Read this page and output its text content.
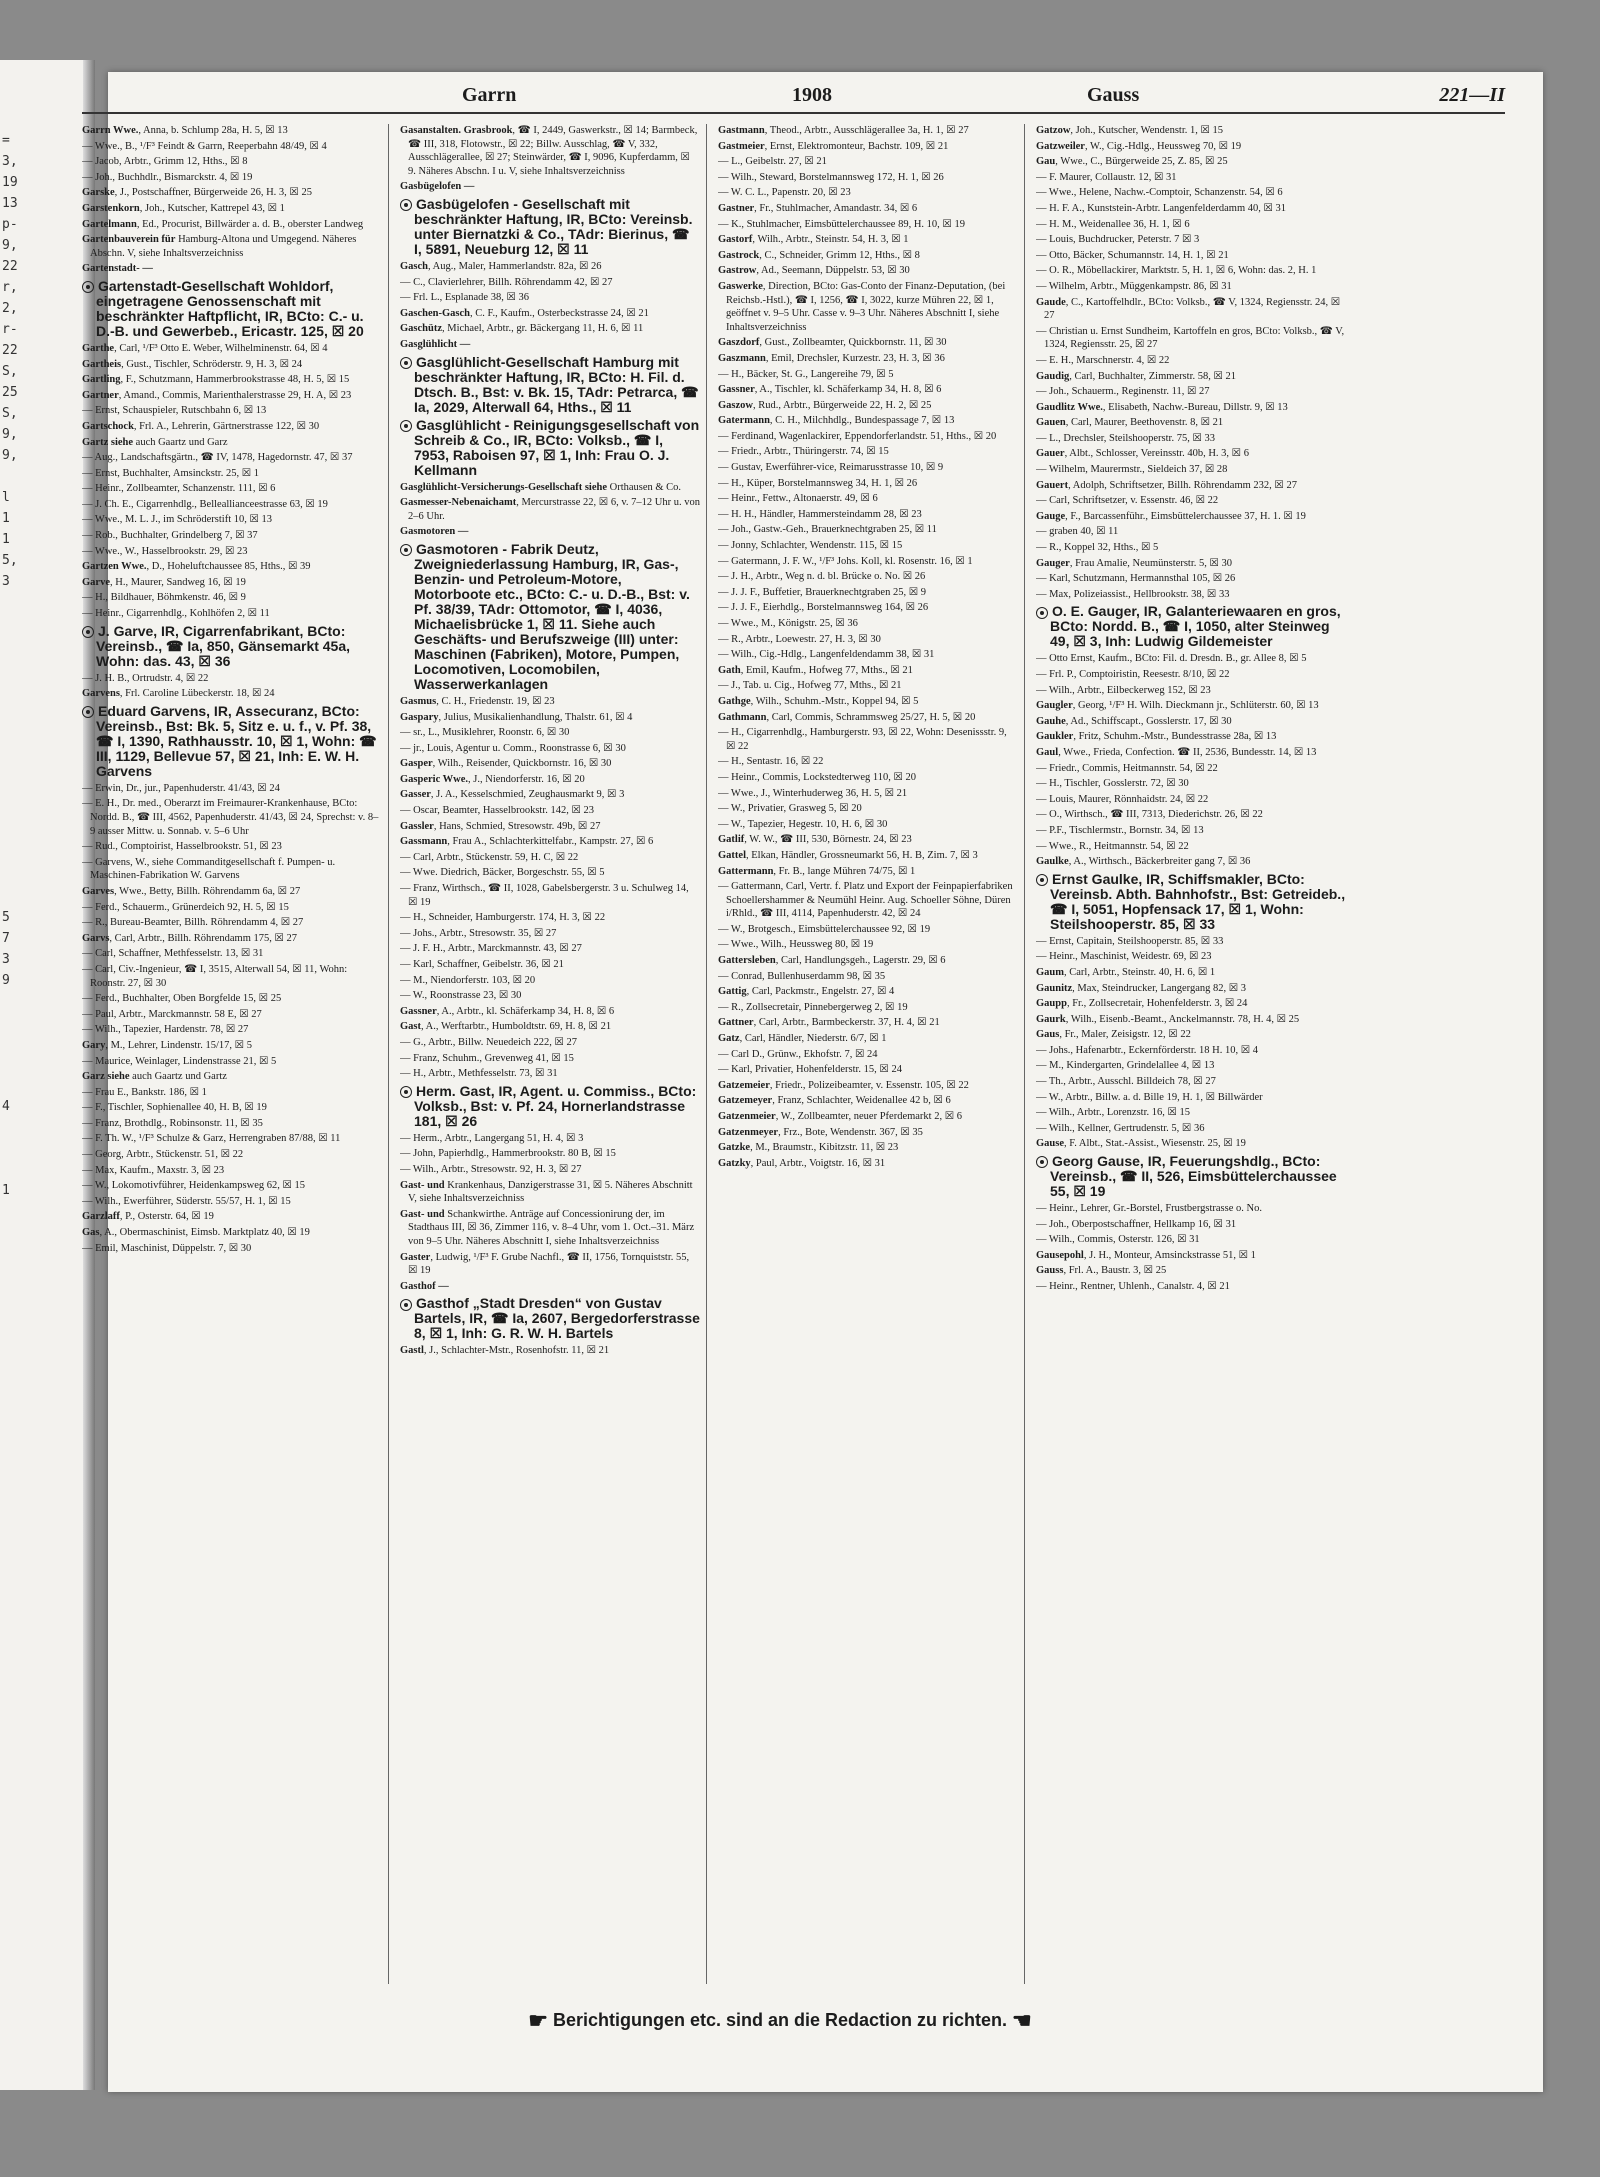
=
3,
19
13
p-
9,
22
r,
2,
r-
22
S,
25
S,
9,
9,

l
1
1
5,
3

5
7
3
9

4

1

Garrn	1908	Gauss	221—II
Garrn Wwe., Anna, b. Schlump 28a, H. 5, ☒ 13
— Wwe., B., ¹/F³ Feindt & Garrn, Reeperbahn 48/49, ☒ 4
— Jacob, Arbtr., Grimm 12, Hths., ☒ 8
— Joh., Buchhdlr., Bismarckstr. 4, ☒ 19
Garske, J., Postschaffner, Bürgerweide 26, H. 3, ☒ 25
Garstenkorn, Joh., Kutscher, Kattrepel 43, ☒ 1
Gartelmann, Ed., Procurist, Billwärder a. d. B., oberster Landweg
Gartenbauverein für Hamburg-Altona und Umgegend. Näheres Abschn. V, siehe Inhaltsverzeichniss
Gartenstadt- —
Gartenstadt-Gesellschaft Wohldorf, eingetragene Genossenschaft mit beschränkter Haftpflicht, IR, BCto: C.- u. D.-B. und Gewerbeb., Ericastr. 125, ☒ 20
Garthe, Carl, ¹/F³ Otto E. Weber, Wilhelminenstr. 64, ☒ 4
Gartheis, Gust., Tischler, Schröderstr. 9, H. 3, ☒ 24
Gartling, F., Schutzmann, Hammerbrookstrasse 48, H. 5, ☒ 15
Gartner, Amand., Commis, Marienthalerstrasse 29, H. A, ☒ 23
— Ernst, Schauspieler, Rutschbahn 6, ☒ 13
Gartschock, Frl. A., Lehrerin, Gärtnerstrasse 122, ☒ 30
Gartz siehe auch Gaartz und Garz
— Aug., Landschaftsgärtn., ☎ IV, 1478, Hagedornstr. 47, ☒ 37
— Ernst, Buchhalter, Amsinckstr. 25, ☒ 1
— Heinr., Zollbeamter, Schanzenstr. 111, ☒ 6
— J. Ch. E., Cigarrenhdlg., Belleallianceestrasse 63, ☒ 19
— Wwe., M. L. J., im Schröderstift 10, ☒ 13
— Rob., Buchhalter, Grindelberg 7, ☒ 37
— Wwe., W., Hasselbrookstr. 29, ☒ 23
Gartzen Wwe., D., Hoheluftchaussee 85, Hths., ☒ 39
Garve, H., Maurer, Sandweg 16, ☒ 19
— H., Bildhauer, Böhmkenstr. 46, ☒ 9
— Heinr., Cigarrenhdlg., Kohlhöfen 2, ☒ 11
J. Garve, IR, Cigarrenfabrikant, BCto: Vereinsb., ☎ Ia, 850, Gänsemarkt 45a, Wohn: das. 43, ☒ 36
— J. H. B., Ortrudstr. 4, ☒ 22
Garvens, Frl. Caroline Lübeckerstr. 18, ☒ 24
Eduard Garvens, IR, Assecuranz, BCto: Vereinsb., Bst: Bk. 5, Sitz e. u. f., v. Pf. 38, ☎ I, 1390, Rathhausstr. 10, ☒ 1, Wohn: ☎ III, 1129, Bellevue 57, ☒ 21, Inh: E. W. H. Garvens
— Erwin, Dr., jur., Papenhuderstr. 41/43, ☒ 24
— E. H., Dr. med., Oberarzt im Freimaurer-Krankenhause, BCto: Nordd. B., ☎ III, 4562, Papenhuderstr. 41/43, ☒ 24, Sprechst: v. 8–9 ausser Mittw. u. Sonnab. v. 5–6 Uhr
— Rud., Comptoirist, Hasselbrookstr. 51, ☒ 23
— Garvens, W., siehe Commanditgesellschaft f. Pumpen- u. Maschinen-Fabrikation W. Garvens
Garves, Wwe., Betty, Billh. Röhrendamm 6a, ☒ 27
— Ferd., Schauerm., Grünerdeich 92, H. 5, ☒ 15
— R., Bureau-Beamter, Billh. Röhrendamm 4, ☒ 27
Garvs, Carl, Arbtr., Billh. Röhrendamm 175, ☒ 27
— Carl, Schaffner, Methfesselstr. 13, ☒ 31
— Carl, Civ.-Ingenieur, ☎ I, 3515, Alterwall 54, ☒ 11, Wohn: Roonstr. 27, ☒ 30
— Ferd., Buchhalter, Oben Borgfelde 15, ☒ 25
— Paul, Arbtr., Marckmannstr. 58 E, ☒ 27
— Wilh., Tapezier, Hardenstr. 78, ☒ 27
Gary, M., Lehrer, Lindenstr. 15/17, ☒ 5
— Maurice, Weinlager, Lindenstrasse 21, ☒ 5
Garz siehe auch Gaartz und Gartz
— Frau E., Bankstr. 186, ☒ 1
— F., Tischler, Sophienallee 40, H. B, ☒ 19
— Franz, Brothdlg., Robinsonstr. 11, ☒ 35
— F. Th. W., ¹/F³ Schulze & Garz, Herrengraben 87/88, ☒ 11
— Georg, Arbtr., Stückenstr. 51, ☒ 22
— Max, Kaufm., Maxstr. 3, ☒ 23
— W., Lokomotivführer, Heidenkampsweg 62, ☒ 15
— Wilh., Ewerführer, Süderstr. 55/57, H. 1, ☒ 15
Garzlaff, P., Osterstr. 64, ☒ 19
Gas, A., Obermaschinist, Eimsb. Marktplatz 40, ☒ 19
— Emil, Maschinist, Düppelstr. 7, ☒ 30
Gasanstalten. Grasbrook, ☎ I, 2449, Gaswerkstr., ☒ 14; Barmbeck, ☎ III, 318, Flotowstr., ☒ 22; Billw. Ausschlag, ☎ V, 332, Ausschlägerallee, ☒ 27; Steinwärder, ☎ I, 9096, Kupferdamm, ☒ 9. Näheres Abschn. I u. V, siehe Inhaltsverzeichniss
Gasbügelofen —
Gasbügelofen - Gesellschaft mit beschränkter Haftung, IR, BCto: Vereinsb. unter Biernatzki & Co., TAdr: Bierinus, ☎ I, 5891, Neueburg 12, ☒ 11
Gasch, Aug., Maler, Hammerlandstr. 82a, ☒ 26
— C., Clavierlehrer, Billh. Röhrendamm 42, ☒ 27
— Frl. L., Esplanade 38, ☒ 36
Gaschen-Gasch, C. F., Kaufm., Osterbeckstrasse 24, ☒ 21
Gaschütz, Michael, Arbtr., gr. Bäckergang 11, H. 6, ☒ 11
Gasglühlicht —
Gasglühlicht-Gesellschaft Hamburg mit beschränkter Haftung, IR, BCto: H. Fil. d. Dtsch. B., Bst: v. Bk. 15, TAdr: Petrarca, ☎ Ia, 2029, Alterwall 64, Hths., ☒ 11
Gasglühlicht - Reinigungsgesellschaft von Schreib & Co., IR, BCto: Volksb., ☎ I, 7953, Raboisen 97, ☒ 1, Inh: Frau O. J. Kellmann
Gasglühlicht-Versicherungs-Gesellschaft siehe Orthausen & Co.
Gasmesser-Nebenaichamt, Mercurstrasse 22, ☒ 6, v. 7–12 Uhr u. von 2–6 Uhr.
Gasmotoren —
Gasmotoren - Fabrik Deutz, Zweigniederlassung Hamburg, IR, Gas-, Benzin- und Petroleum-Motore, Motorboote etc., BCto: C.- u. D.-B., Bst: v. Pf. 38/39, TAdr: Ottomotor, ☎ I, 4036, Michaelisbrücke 1, ☒ 11. Siehe auch Geschäfts- und Berufszweige (III) unter: Maschinen (Fabriken), Motore, Pumpen, Locomotiven, Locomobilen, Wasserwerkanlagen
Gasmus, C. H., Friedenstr. 19, ☒ 23
Gaspary, Julius, Musikalienhandlung, Thalstr. 61, ☒ 4
— sr., L., Musiklehrer, Roonstr. 6, ☒ 30
— jr., Louis, Agentur u. Comm., Roonstrasse 6, ☒ 30
Gasper, Wilh., Reisender, Quickbornstr. 16, ☒ 30
Gasperic Wwe., J., Niendorferstr. 16, ☒ 20
Gasser, J. A., Kesselschmied, Zeughausmarkt 9, ☒ 3
— Oscar, Beamter, Hasselbrookstr. 142, ☒ 23
Gassler, Hans, Schmied, Stresowstr. 49b, ☒ 27
Gassmann, Frau A., Schlachterkittelfabr., Kampstr. 27, ☒ 6
— Carl, Arbtr., Stückenstr. 59, H. C, ☒ 22
— Wwe. Diedrich, Bäcker, Borgeschstr. 55, ☒ 5
— Franz, Wirthsch., ☎ II, 1028, Gabelsbergerstr. 3 u. Schulweg 14, ☒ 19
— H., Schneider, Hamburgerstr. 174, H. 3, ☒ 22
— Johs., Arbtr., Stresowstr. 35, ☒ 27
— J. F. H., Arbtr., Marckmannstr. 43, ☒ 27
— Karl, Schaffner, Geibelstr. 36, ☒ 21
— M., Niendorferstr. 103, ☒ 20
— W., Roonstrasse 23, ☒ 30
Gassner, A., Arbtr., kl. Schäferkamp 34, H. 8, ☒ 6
Gast, A., Werftarbtr., Humboldtstr. 69, H. 8, ☒ 21
— G., Arbtr., Billw. Neuedeich 222, ☒ 27
— Franz, Schuhm., Grevenweg 41, ☒ 15
— H., Arbtr., Methfesselstr. 73, ☒ 31
Herm. Gast, IR, Agent. u. Commiss., BCto: Volksb., Bst: v. Pf. 24, Hornerlandstrasse 181, ☒ 26
— Herm., Arbtr., Langergang 51, H. 4, ☒ 3
— John, Papierhdlg., Hammerbrookstr. 80 B, ☒ 15
— Wilh., Arbtr., Stresowstr. 92, H. 3, ☒ 27
Gast- und Krankenhaus, Danzigerstrasse 31, ☒ 5. Näheres Abschnitt V, siehe Inhaltsverzeichniss
Gast- und Schankwirthe. Anträge auf Concessionirung der, im Stadthaus III, ☒ 36, Zimmer 116, v. 8–4 Uhr, vom 1. Oct.–31. März von 9–5 Uhr. Näheres Abschnitt I, siehe Inhaltsverzeichniss
Gaster, Ludwig, ¹/F³ F. Grube Nachfl., ☎ II, 1756, Tornquiststr. 55, ☒ 19
Gasthof —
Gasthof „Stadt Dresden“ von Gustav Bartels, IR, ☎ Ia, 2607, Bergedorferstrasse 8, ☒ 1, Inh: G. R. W. H. Bartels
Gastl, J., Schlachter-Mstr., Rosenhofstr. 11, ☒ 21
Gastmann, Theod., Arbtr., Ausschlägerallee 3a, H. 1, ☒ 27
Gastmeier, Ernst, Elektromonteur, Bachstr. 109, ☒ 21
— L., Geibelstr. 27, ☒ 21
— Wilh., Steward, Borstelmannsweg 172, H. 1, ☒ 26
— W. C. L., Papenstr. 20, ☒ 23
Gastner, Fr., Stuhlmacher, Amandastr. 34, ☒ 6
— K., Stuhlmacher, Eimsbüttelerchaussee 89, H. 10, ☒ 19
Gastorf, Wilh., Arbtr., Steinstr. 54, H. 3, ☒ 1
Gastrock, C., Schneider, Grimm 12, Hths., ☒ 8
Gastrow, Ad., Seemann, Düppelstr. 53, ☒ 30
Gaswerke, Direction, BCto: Gas-Conto der Finanz-Deputation, (bei Reichsb.-Hstl.), ☎ I, 1256, ☎ I, 3022, kurze Mühren 22, ☒ 1, geöffnet v. 9–5 Uhr. Casse v. 9–3 Uhr. Näheres Abschnitt I, siehe Inhaltsverzeichniss
Gaszdorf, Gust., Zollbeamter, Quickbornstr. 11, ☒ 30
Gaszmann, Emil, Drechsler, Kurzestr. 23, H. 3, ☒ 36
— H., Bäcker, St. G., Langereihe 79, ☒ 5
Gassner, A., Tischler, kl. Schäferkamp 34, H. 8, ☒ 6
Gaszow, Rud., Arbtr., Bürgerweide 22, H. 2, ☒ 25
Gatermann, C. H., Milchhdlg., Bundespassage 7, ☒ 13
— Ferdinand, Wagenlackirer, Eppendorferlandstr. 51, Hths., ☒ 20
— Friedr., Arbtr., Thüringerstr. 74, ☒ 15
— Gustav, Ewerführer-vice, Reimarusstrasse 10, ☒ 9
— H., Küper, Borstelmannsweg 34, H. 1, ☒ 26
— Heinr., Fettw., Altonaerstr. 49, ☒ 6
— H. H., Händler, Hammersteindamm 28, ☒ 23
— Joh., Gastw.-Geh., Brauerknechtgraben 25, ☒ 11
— Jonny, Schlachter, Wendenstr. 115, ☒ 15
— Gatermann, J. F. W., ¹/F³ Johs. Koll, kl. Rosenstr. 16, ☒ 1
— J. H., Arbtr., Weg n. d. bl. Brücke o. No. ☒ 26
— J. J. F., Buffetier, Brauerknechtgraben 25, ☒ 9
— J. J. F., Eierhdlg., Borstelmannsweg 164, ☒ 26
— Wwe., M., Königstr. 25, ☒ 36
— R., Arbtr., Loewestr. 27, H. 3, ☒ 30
— Wilh., Cig.-Hdlg., Langenfeldendamm 38, ☒ 31
Gath, Emil, Kaufm., Hofweg 77, Mths., ☒ 21
— J., Tab. u. Cig., Hofweg 77, Mths., ☒ 21
Gathge, Wilh., Schuhm.-Mstr., Koppel 94, ☒ 5
Gathmann, Carl, Commis, Schrammsweg 25/27, H. 5, ☒ 20
— H., Cigarrenhdlg., Hamburgerstr. 93, ☒ 22, Wohn: Desenissstr. 9, ☒ 22
— H., Sentastr. 16, ☒ 22
— Heinr., Commis, Lockstedterweg 110, ☒ 20
— Wwe., J., Winterhuderweg 36, H. 5, ☒ 21
— W., Privatier, Grasweg 5, ☒ 20
— W., Tapezier, Hegestr. 10, H. 6, ☒ 30
Gatlif, W. W., ☎ III, 530, Börnestr. 24, ☒ 23
Gattel, Elkan, Händler, Grossneumarkt 56, H. B, Zim. 7, ☒ 3
Gattermann, Fr. B., lange Mühren 74/75, ☒ 1
— Gattermann, Carl, Vertr. f. Platz und Export der Feinpapierfabriken Schoellershammer & Neumühl Heinr. Aug. Schoeller Söhne, Düren i/Rhld., ☎ III, 4114, Papenhuderstr. 42, ☒ 24
— W., Brotgesch., Eimsbüttelerchaussee 92, ☒ 19
— Wwe., Wilh., Heussweg 80, ☒ 19
Gattersleben, Carl, Handlungsgeh., Lagerstr. 29, ☒ 6
— Conrad, Bullenhuserdamm 98, ☒ 35
Gattig, Carl, Packmstr., Engelstr. 27, ☒ 4
— R., Zollsecretair, Pinnebergerweg 2, ☒ 19
Gattner, Carl, Arbtr., Barmbeckerstr. 37, H. 4, ☒ 21
Gatz, Carl, Händler, Niederstr. 6/7, ☒ 1
— Carl D., Grünw., Ekhofstr. 7, ☒ 24
— Karl, Privatier, Hohenfelderstr. 15, ☒ 24
Gatzemeier, Friedr., Polizeibeamter, v. Essenstr. 105, ☒ 22
Gatzemeyer, Franz, Schlachter, Weidenallee 42 b, ☒ 6
Gatzenmeier, W., Zollbeamter, neuer Pferdemarkt 2, ☒ 6
Gatzenmeyer, Frz., Bote, Wendenstr. 367, ☒ 35
Gatzke, M., Braumstr., Kibitzstr. 11, ☒ 23
Gatzky, Paul, Arbtr., Voigtstr. 16, ☒ 31
Gatzow, Joh., Kutscher, Wendenstr. 1, ☒ 15
Gatzweiler, W., Cig.-Hdlg., Heussweg 70, ☒ 19
Gau, Wwe., C., Bürgerweide 25, Z. 85, ☒ 25
— F. Maurer, Collaustr. 12, ☒ 31
— Wwe., Helene, Nachw.-Comptoir, Schanzenstr. 54, ☒ 6
— H. F. A., Kunststein-Arbtr. Langenfelderdamm 40, ☒ 31
— H. M., Weidenallee 36, H. 1, ☒ 6
— Louis, Buchdrucker, Peterstr. 7 ☒ 3
— Otto, Bäcker, Schumannstr. 14, H. 1, ☒ 21
— O. R., Möbellackirer, Marktstr. 5, H. 1, ☒ 6, Wohn: das. 2, H. 1
— Wilhelm, Arbtr., Müggenkampstr. 86, ☒ 31
Gaude, C., Kartoffelhdlr., BCto: Volksb., ☎ V, 1324, Regiensstr. 24, ☒ 27
— Christian u. Ernst Sundheim, Kartoffeln en gros, BCto: Volksb., ☎ V, 1324, Regiensstr. 25, ☒ 27
— E. H., Marschnerstr. 4, ☒ 22
Gaudig, Carl, Buchhalter, Zimmerstr. 58, ☒ 21
— Joh., Schauerm., Reginenstr. 11, ☒ 27
Gaudlitz Wwe., Elisabeth, Nachw.-Bureau, Dillstr. 9, ☒ 13
Gauen, Carl, Maurer, Beethovenstr. 8, ☒ 21
— L., Drechsler, Steilshooperstr. 75, ☒ 33
Gauer, Albt., Schlosser, Vereinsstr. 40b, H. 3, ☒ 6
— Wilhelm, Maurermstr., Sieldeich 37, ☒ 28
Gauert, Adolph, Schriftsetzer, Billh. Röhrendamm 232, ☒ 27
— Carl, Schriftsetzer, v. Essenstr. 46, ☒ 22
Gauge, F., Barcassenführ., Eimsbüttelerchaussee 37, H. 1. ☒ 19
— graben 40, ☒ 11
— R., Koppel 32, Hths., ☒ 5
Gauger, Frau Amalie, Neumünsterstr. 5, ☒ 30
— Karl, Schutzmann, Hermannsthal 105, ☒ 26
— Max, Polizeiassist., Hellbrookstr. 38, ☒ 33
O. E. Gauger, IR, Galanteriewaaren en gros, BCto: Nordd. B., ☎ I, 1050, alter Steinweg 49, ☒ 3, Inh: Ludwig Gildemeister
— Otto Ernst, Kaufm., BCto: Fil. d. Dresdn. B., gr. Allee 8, ☒ 5
— Frl. P., Comptoiristin, Reesestr. 8/10, ☒ 22
— Wilh., Arbtr., Eilbeckerweg 152, ☒ 23
Gaugler, Georg, ¹/F³ H. Wilh. Dieckmann jr., Schlüterstr. 60, ☒ 13
Gauhe, Ad., Schiffscapt., Gosslerstr. 17, ☒ 30
Gaukler, Fritz, Schuhm.-Mstr., Bundesstrasse 28a, ☒ 13
Gaul, Wwe., Frieda, Confection. ☎ II, 2536, Bundesstr. 14, ☒ 13
— Friedr., Commis, Heitmannstr. 54, ☒ 22
— H., Tischler, Gosslerstr. 72, ☒ 30
— Louis, Maurer, Rönnhaidstr. 24, ☒ 22
— O., Wirthsch., ☎ III, 7313, Diederichstr. 26, ☒ 22
— P.F., Tischlermstr., Bornstr. 34, ☒ 13
— Wwe., R., Heitmannstr. 54, ☒ 22
Gaulke, A., Wirthsch., Bäckerbreiter gang 7, ☒ 36
Ernst Gaulke, IR, Schiffsmakler, BCto: Vereinsb. Abth. Bahnhofstr., Bst: Getreideb., ☎ I, 5051, Hopfensack 17, ☒ 1, Wohn: Steilshooperstr. 85, ☒ 33
— Ernst, Capitain, Steilshooperstr. 85, ☒ 33
— Heinr., Maschinist, Weidestr. 69, ☒ 23
Gaum, Carl, Arbtr., Steinstr. 40, H. 6, ☒ 1
Gaunitz, Max, Steindrucker, Langergang 82, ☒ 3
Gaupp, Fr., Zollsecretair, Hohenfelderstr. 3, ☒ 24
Gaurk, Wilh., Eisenb.-Beamt., Anckelmannstr. 78, H. 4, ☒ 25
Gaus, Fr., Maler, Zeisigstr. 12, ☒ 22
— Johs., Hafenarbtr., Eckernförderstr. 18 H. 10, ☒ 4
— M., Kindergarten, Grindelallee 4, ☒ 13
— Th., Arbtr., Ausschl. Billdeich 78, ☒ 27
— W., Arbtr., Billw. a. d. Bille 19, H. 1, ☒ Billwärder
— Wilh., Arbtr., Lorenzstr. 16, ☒ 15
— Wilh., Kellner, Gertrudenstr. 5, ☒ 36
Gause, F. Albt., Stat.-Assist., Wiesenstr. 25, ☒ 19
Georg Gause, IR, Feuerungshdlg., BCto: Vereinsb., ☎ II, 526, Eimsbüttelerchaussee 55, ☒ 19
— Heinr., Lehrer, Gr.-Borstel, Frustbergstrasse o. No.
— Joh., Oberpostschaffner, Hellkamp 16, ☒ 31
— Wilh., Commis, Osterstr. 126, ☒ 31
Gausepohl, J. H., Monteur, Amsinckstrasse 51, ☒ 1
Gauss, Frl. A., Baustr. 3, ☒ 25
— Heinr., Rentner, Uhlenh., Canalstr. 4, ☒ 21
☛ Berichtigungen etc. sind an die Redaction zu richten. ☚
